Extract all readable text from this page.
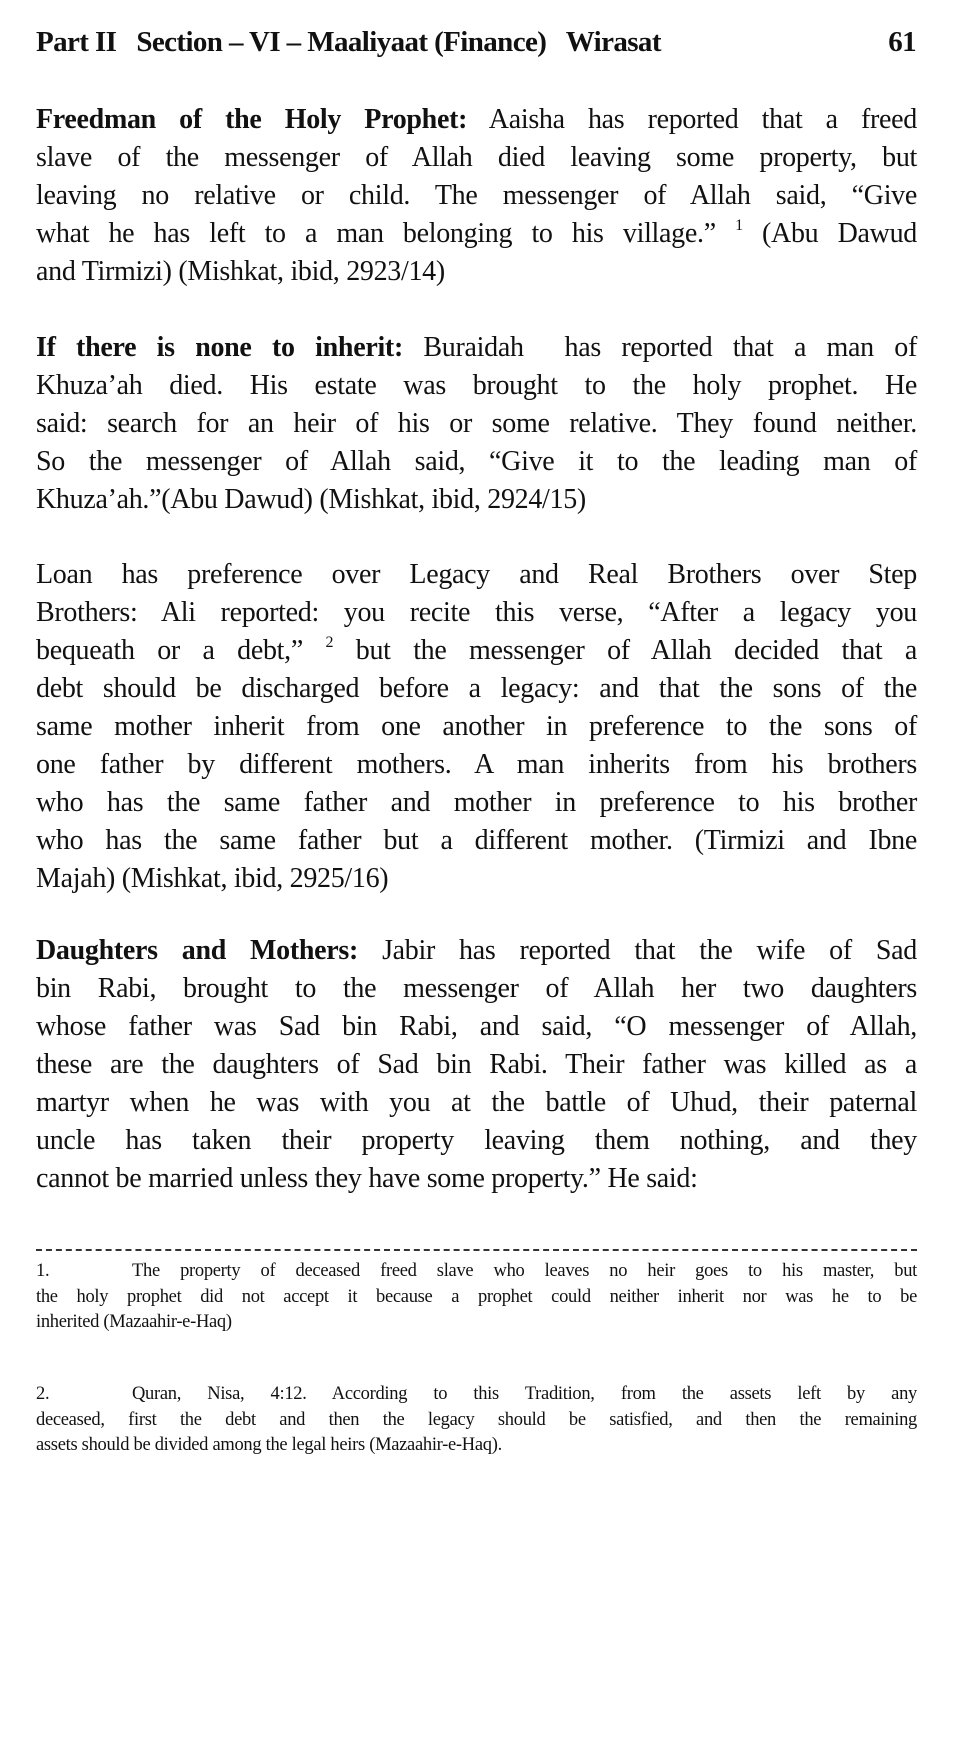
Part II   Section – VI – Maaliyaat (Finance)   Wirasat	61
Freedman of the Holy Prophet: Aaisha has reported that a freed
slave of the messenger of Allah died leaving some property, but
leaving no relative or child. The messenger of Allah said, “Give
what he has left to a man belonging to his village.” $^1$ (Abu Dawud
and Tirmizi) (Mishkat, ibid, 2923/14)
If there is none to inherit: Buraidah  has reported that a man of
Khuza’ah died. His estate was brought to the holy prophet. He
said: search for an heir of his or some relative. They found neither.
So the messenger of Allah said, “Give it to the leading man of
Khuza’ah.”(Abu Dawud) (Mishkat, ibid, 2924/15)
Loan has preference over Legacy and Real Brothers over Step
Brothers: Ali reported: you recite this verse, “After a legacy you
bequeath or a debt,” $^2$ but the messenger of Allah decided that a
debt should be discharged before a legacy: and that the sons of the
same mother inherit from one another in preference to the sons of
one father by different mothers. A man inherits from his brothers
who has the same father and mother in preference to his brother
who has the same father but a different mother. (Tirmizi and Ibne
Majah) (Mishkat, ibid, 2925/16)
Daughters and Mothers: Jabir has reported that the wife of Sad
bin Rabi, brought to the messenger of Allah her two daughters
whose father was Sad bin Rabi, and said, “O messenger of Allah,
these are the daughters of Sad bin Rabi. Their father was killed as a
martyr when he was with you at the battle of Uhud, their paternal
uncle has taken their property leaving them nothing, and they
cannot be married unless they have some property.” He said:
1.	The property of deceased freed slave who leaves no heir goes to his master, but
the holy prophet did not accept it because a prophet could neither inherit nor was he to be
inherited (Mazaahir-e-Haq)
2.	Quran, Nisa, 4:12. According to this Tradition, from the assets left by any
deceased, first the debt and then the legacy should be satisfied, and then the remaining
assets should be divided among the legal heirs (Mazaahir-e-Haq).
